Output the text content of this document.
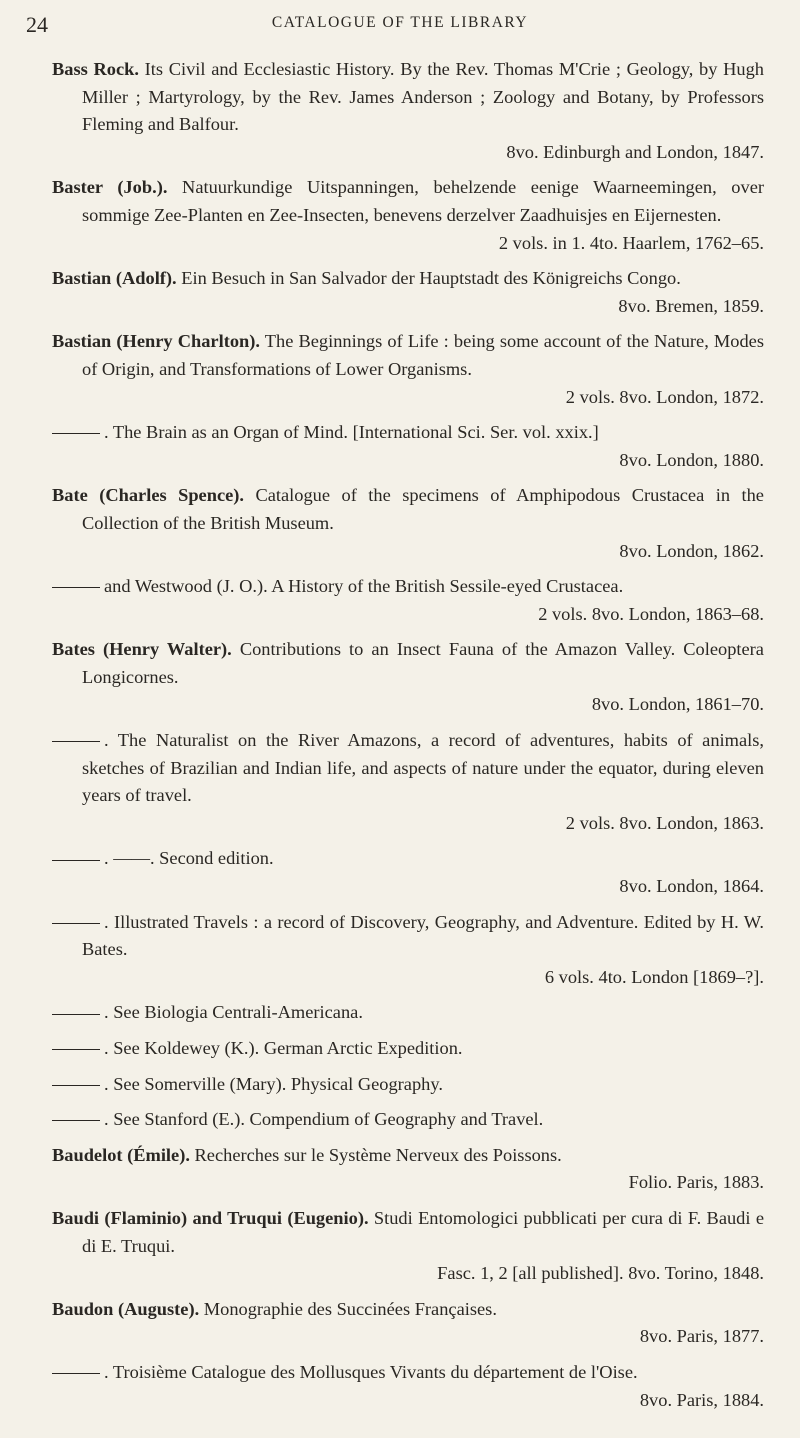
24	CATALOGUE OF THE LIBRARY

Bass Rock. Its Civil and Ecclesiastic History. By the Rev. Thomas M'Crie ; Geology, by Hugh Miller ; Martyrology, by the Rev. James Anderson ; Zoology and Botany, by Professors Fleming and Balfour.
8vo. Edinburgh and London, 1847.

Baster (Job.). Natuurkundige Uitspanningen, behelzende eenige Waarneemingen, over sommige Zee-Planten en Zee-Insecten, benevens derzelver Zaadhuisjes en Eijernesten.
2 vols. in 1. 4to. Haarlem, 1762–65.

Bastian (Adolf). Ein Besuch in San Salvador der Hauptstadt des Königreichs Congo.
8vo. Bremen, 1859.

Bastian (Henry Charlton). The Beginnings of Life : being some account of the Nature, Modes of Origin, and Transformations of Lower Organisms.
2 vols. 8vo. London, 1872.

. The Brain as an Organ of Mind. [International Sci. Ser. vol. xxix.]
8vo. London, 1880.

Bate (Charles Spence). Catalogue of the specimens of Amphipodous Crustacea in the Collection of the British Museum.
8vo. London, 1862.

and Westwood (J. O.). A History of the British Sessile-eyed Crustacea.
2 vols. 8vo. London, 1863–68.

Bates (Henry Walter). Contributions to an Insect Fauna of the Amazon Valley. Coleoptera Longicornes.
8vo. London, 1861–70.

. The Naturalist on the River Amazons, a record of adventures, habits of animals, sketches of Brazilian and Indian life, and aspects of nature under the equator, during eleven years of travel.
2 vols. 8vo. London, 1863.

. ——. Second edition.
8vo. London, 1864.

. Illustrated Travels : a record of Discovery, Geography, and Adventure. Edited by H. W. Bates.
6 vols. 4to. London [1869–?].

. See Biologia Centrali-Americana.

. See Koldewey (K.). German Arctic Expedition.

. See Somerville (Mary). Physical Geography.

. See Stanford (E.). Compendium of Geography and Travel.

Baudelot (Émile). Recherches sur le Système Nerveux des Poissons.
Folio. Paris, 1883.

Baudi (Flaminio) and Truqui (Eugenio). Studi Entomologici pubblicati per cura di F. Baudi e di E. Truqui.
Fasc. 1, 2 [all published]. 8vo. Torino, 1848.

Baudon (Auguste). Monographie des Succinées Françaises.
8vo. Paris, 1877.

. Troisième Catalogue des Mollusques Vivants du département de l'Oise.
8vo. Paris, 1884.
